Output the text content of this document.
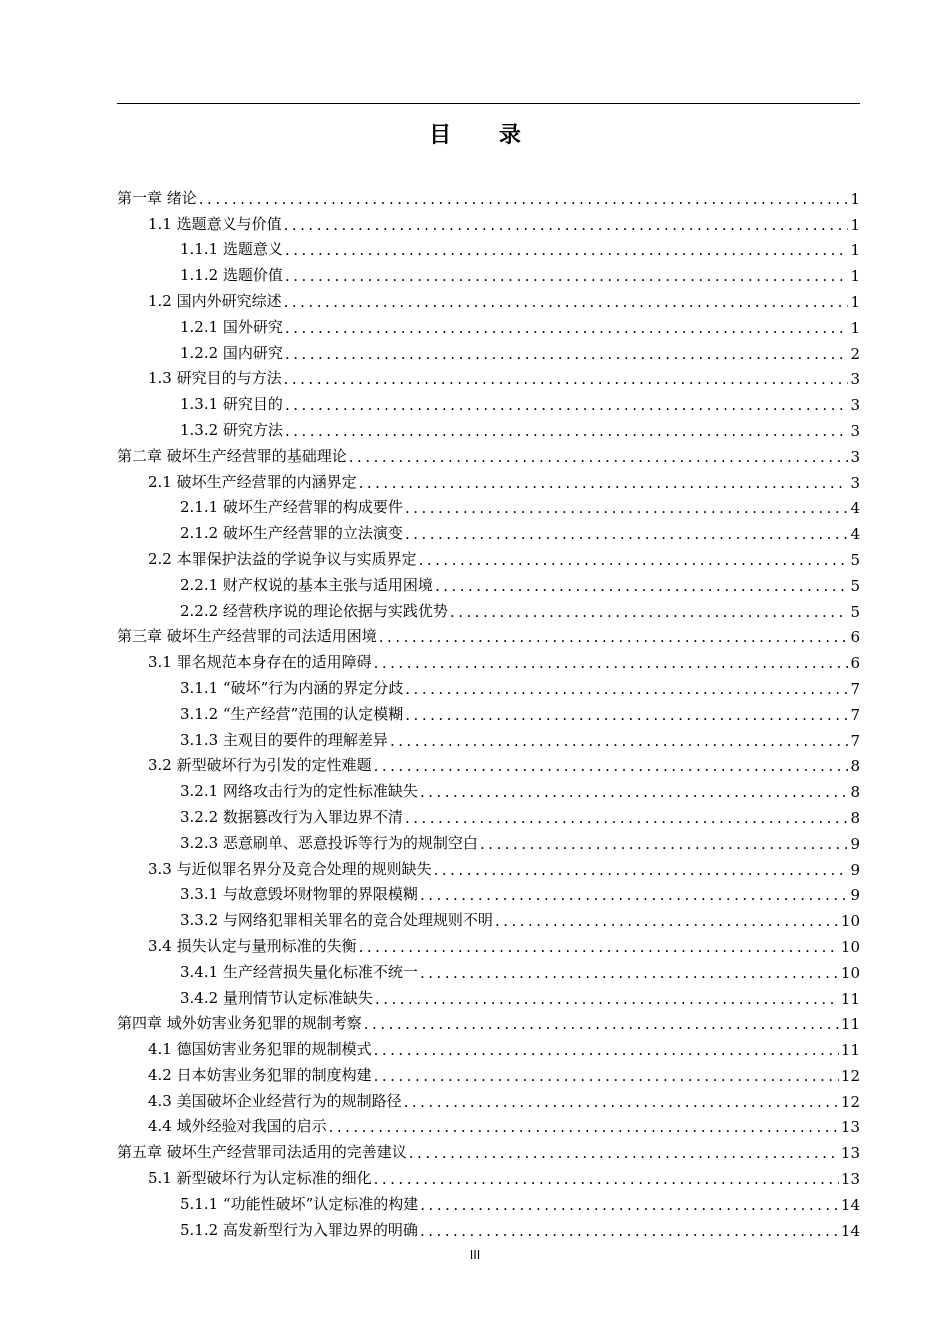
目 录
第一章 绪论 .....	1
1.1 选题意义与价值 .....	1
1.1.1 选题意义 .....	1
1.1.2 选题价值 .....	1
1.2 国内外研究综述 .....	1
1.2.1 国外研究 .....	1
1.2.2 国内研究 .....	2
1.3 研究目的与方法 .....	3
1.3.1 研究目的 .....	3
1.3.2 研究方法 .....	3
第二章 破坏生产经营罪的基础理论 .....	3
2.1 破坏生产经营罪的内涵界定 .....	3
2.1.1 破坏生产经营罪的构成要件 .....	4
2.1.2 破坏生产经营罪的立法演变 .....	4
2.2 本罪保护法益的学说争议与实质界定 .....	5
2.2.1 财产权说的基本主张与适用困境 .....	5
2.2.2 经营秩序说的理论依据与实践优势 .....	5
第三章 破坏生产经营罪的司法适用困境 .....	6
3.1 罪名规范本身存在的适用障碍 .....	6
3.1.1 “破坏”行为内涵的界定分歧 .....	7
3.1.2 “生产经营”范围的认定模糊 .....	7
3.1.3 主观目的要件的理解差异 .....	7
3.2 新型破坏行为引发的定性难题 .....	8
3.2.1 网络攻击行为的定性标准缺失 .....	8
3.2.2 数据篡改行为入罪边界不清 .....	8
3.2.3 恶意刷单、恶意投诉等行为的规制空白 .....	9
3.3 与近似罪名界分及竞合处理的规则缺失 .....	9
3.3.1 与故意毁坏财物罪的界限模糊 .....	9
3.3.2 与网络犯罪相关罪名的竞合处理规则不明 .....	10
3.4 损失认定与量刑标准的失衡 .....	10
3.4.1 生产经营损失量化标准不统一 .....	10
3.4.2 量刑情节认定标准缺失 .....	11
第四章 域外妨害业务犯罪的规制考察 .....	11
4.1 德国妨害业务犯罪的规制模式 .....	11
4.2 日本妨害业务犯罪的制度构建 .....	12
4.3 美国破坏企业经营行为的规制路径 .....	12
4.4 域外经验对我国的启示 .....	13
第五章 破坏生产经营罪司法适用的完善建议 .....	13
5.1 新型破坏行为认定标准的细化 .....	13
5.1.1 “功能性破坏”认定标准的构建 .....	14
5.1.2 高发新型行为入罪边界的明确 .....	14
III
